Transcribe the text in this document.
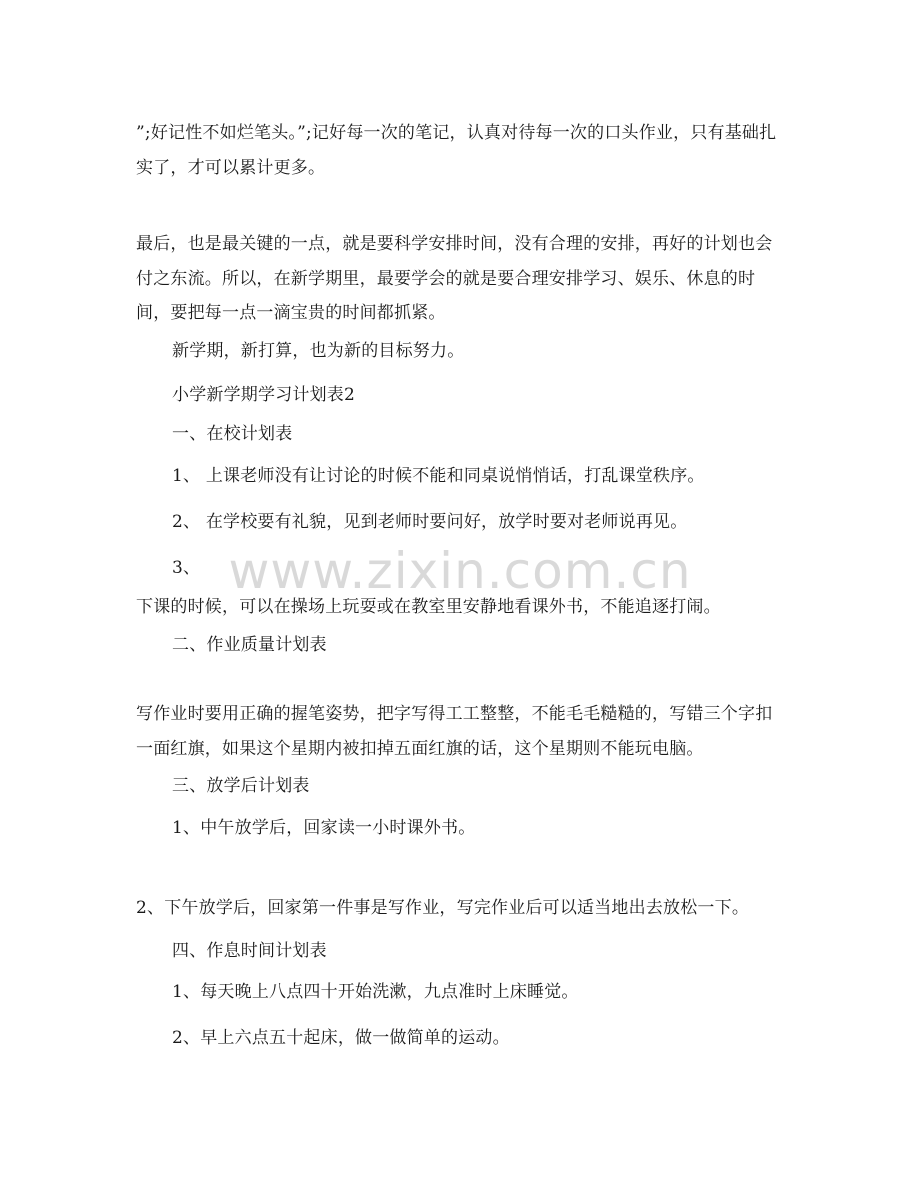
”;好记性不如烂笔头。”;记好每一次的笔记，认真对待每一次的口头作业，只有基础扎实了，才可以累计更多。

最后，也是最关键的一点，就是要科学安排时间，没有合理的安排，再好的计划也会付之东流。所以，在新学期里，最要学会的就是要合理安排学习、娱乐、休息的时间，要把每一点一滴宝贵的时间都抓紧。

新学期，新打算，也为新的目标努力。

小学新学期学习计划表2

一、在校计划表

1、 上课老师没有让讨论的时候不能和同桌说悄悄话，打乱课堂秩序。

2、 在学校要有礼貌，见到老师时要问好，放学时要对老师说再见。

3、

下课的时候，可以在操场上玩耍或在教室里安静地看课外书，不能追逐打闹。

二、作业质量计划表

写作业时要用正确的握笔姿势，把字写得工工整整，不能毛毛糙糙的，写错三个字扣一面红旗，如果这个星期内被扣掉五面红旗的话，这个星期则不能玩电脑。

三、放学后计划表

1、中午放学后，回家读一小时课外书。

2、下午放学后，回家第一件事是写作业，写完作业后可以适当地出去放松一下。

四、作息时间计划表

1、每天晚上八点四十开始洗漱，九点准时上床睡觉。

2、早上六点五十起床，做一做简单的运动。

www.zixin.com.cn
